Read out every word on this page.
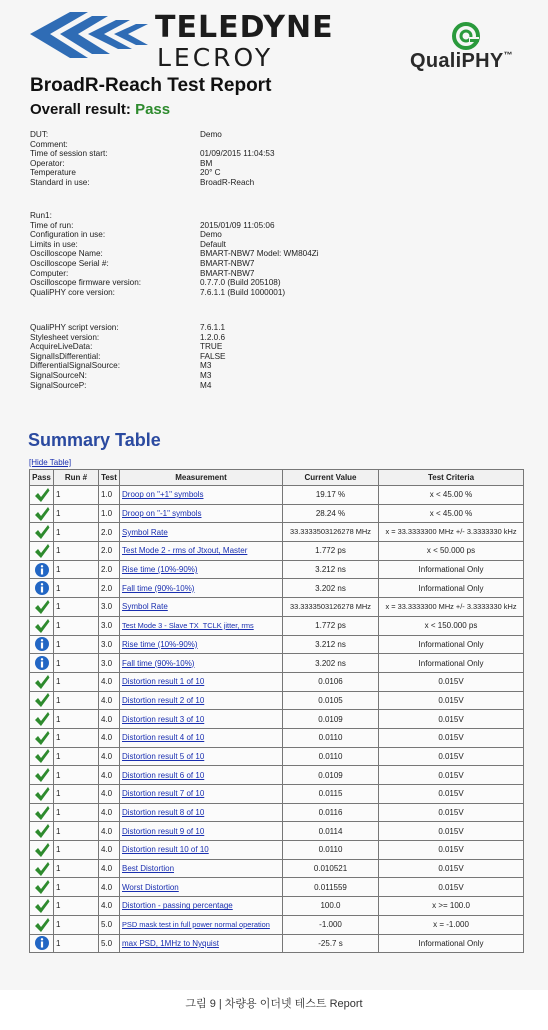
TELEDYNE
LECROY	QualiPHY™
BroadR-Reach Test Report
Overall result: Pass
DUT:	Demo
Comment:
Time of session start:	01/09/2015 11:04:53
Operator:	BM
Temperature	20° C
Standard in use:	BroadR-Reach
Run1:
Time of run:	2015/01/09 11:05:06
Configuration in use:	Demo
Limits in use:	Default
Oscilloscope Name:	BMART-NBW7 Model: WM804Zi
Oscilloscope Serial #:	BMART-NBW7
Computer:	BMART-NBW7
Oscilloscope firmware version:	0.7.7.0 (Build 205108)
QualiPHY core version:	7.6.1.1 (Build 1000001)
QualiPHY script version:	7.6.1.1
Stylesheet version:	1.2.0.6
AcquireLiveData:	TRUE
SignalIsDifferential:	FALSE
DifferentialSignalSource:	M3
SignalSourceN:	M3
SignalSourceP:	M4
Summary Table
[Hide Table]
Pass	Run #	Test	Measurement	Current Value	Test Criteria

	1	1.0	Droop on "+1" symbols	19.17 %	x < 45.00 %

	1	1.0	Droop on "-1" symbols	28.24 %	x < 45.00 %

	1	2.0	Symbol Rate	33.3333503126278 MHz	x = 33.3333300 MHz +/- 3.3333330 kHz

	1	2.0	Test Mode 2 - rms of Jtxout, Master	1.772 ps	x < 50.000 ps

	1	2.0	Rise time (10%-90%)	3.212 ns	Informational Only

	1	2.0	Fall time (90%-10%)	3.202 ns	Informational Only

	1	3.0	Symbol Rate	33.3333503126278 MHz	x = 33.3333300 MHz +/- 3.3333330 kHz

	1	3.0	Test Mode 3 - Slave TX_TCLK jitter, rms	1.772 ps	x < 150.000 ps

	1	3.0	Rise time (10%-90%)	3.212 ns	Informational Only

	1	3.0	Fall time (90%-10%)	3.202 ns	Informational Only

	1	4.0	Distortion result 1 of 10	0.0106	0.015V

	1	4.0	Distortion result 2 of 10	0.0105	0.015V

	1	4.0	Distortion result 3 of 10	0.0109	0.015V

	1	4.0	Distortion result 4 of 10	0.0110	0.015V

	1	4.0	Distortion result 5 of 10	0.0110	0.015V

	1	4.0	Distortion result 6 of 10	0.0109	0.015V

	1	4.0	Distortion result 7 of 10	0.0115	0.015V

	1	4.0	Distortion result 8 of 10	0.0116	0.015V

	1	4.0	Distortion result 9 of 10	0.0114	0.015V

	1	4.0	Distortion result 10 of 10	0.0110	0.015V

	1	4.0	Best Distortion	0.010521	0.015V

	1	4.0	Worst Distortion	0.011559	0.015V

	1	4.0	Distortion - passing percentage	100.0	x >= 100.0

	1	5.0	PSD mask test in full power normal operation	-1.000	x = -1.000

	1	5.0	max PSD, 1MHz to Nyquist	-25.7 s	Informational Only
그림 9 | 차량용 이더넷 테스트 Report
